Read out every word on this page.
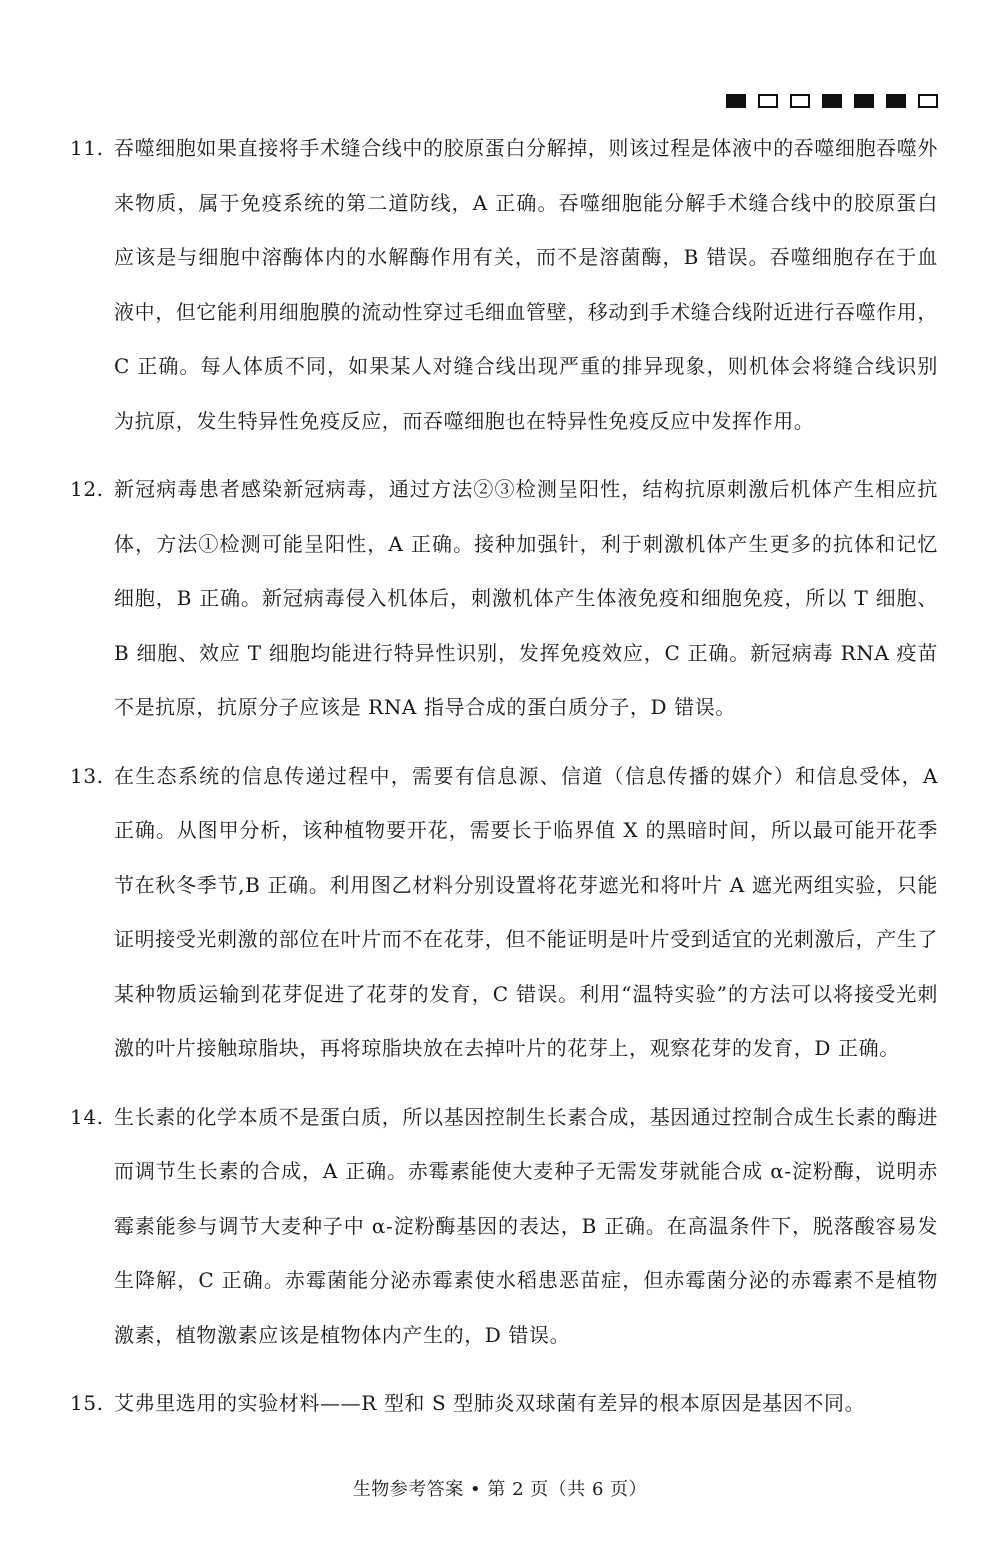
11. 吞噬细胞如果直接将手术缝合线中的胶原蛋白分解掉，则该过程是体液中的吞噬细胞吞噬外来物质，属于免疫系统的第二道防线，A 正确。吞噬细胞能分解手术缝合线中的胶原蛋白应该是与细胞中溶酶体内的水解酶作用有关，而不是溶菌酶，B 错误。吞噬细胞存在于血液中，但它能利用细胞膜的流动性穿过毛细血管壁，移动到手术缝合线附近进行吞噬作用，C 正确。每人体质不同，如果某人对缝合线出现严重的排异现象，则机体会将缝合线识别为抗原，发生特异性免疫反应，而吞噬细胞也在特异性免疫反应中发挥作用。
12. 新冠病毒患者感染新冠病毒，通过方法②③检测呈阳性，结构抗原刺激后机体产生相应抗体，方法①检测可能呈阳性，A 正确。接种加强针，利于刺激机体产生更多的抗体和记忆细胞，B 正确。新冠病毒侵入机体后，刺激机体产生体液免疫和细胞免疫，所以 T 细胞、B 细胞、效应 T 细胞均能进行特异性识别，发挥免疫效应，C 正确。新冠病毒 RNA 疫苗不是抗原，抗原分子应该是 RNA 指导合成的蛋白质分子，D 错误。
13. 在生态系统的信息传递过程中，需要有信息源、信道（信息传播的媒介）和信息受体，A 正确。从图甲分析，该种植物要开花，需要长于临界值 X 的黑暗时间，所以最可能开花季节在秋冬季节,B 正确。利用图乙材料分别设置将花芽遮光和将叶片 A 遮光两组实验，只能证明接受光刺激的部位在叶片而不在花芽，但不能证明是叶片受到适宜的光刺激后，产生了某种物质运输到花芽促进了花芽的发育，C 错误。利用“温特实验”的方法可以将接受光刺激的叶片接触琼脂块，再将琼脂块放在去掉叶片的花芽上，观察花芽的发育，D 正确。
14. 生长素的化学本质不是蛋白质，所以基因控制生长素合成，基因通过控制合成生长素的酶进而调节生长素的合成，A 正确。赤霉素能使大麦种子无需发芽就能合成 α-淀粉酶，说明赤霉素能参与调节大麦种子中 α-淀粉酶基因的表达，B 正确。在高温条件下，脱落酸容易发生降解，C 正确。赤霉菌能分泌赤霉素使水稻患恶苗症，但赤霉菌分泌的赤霉素不是植物激素，植物激素应该是植物体内产生的，D 错误。
15. 艾弗里选用的实验材料——R 型和 S 型肺炎双球菌有差异的根本原因是基因不同。
生物参考答案 • 第 2 页（共 6 页）
